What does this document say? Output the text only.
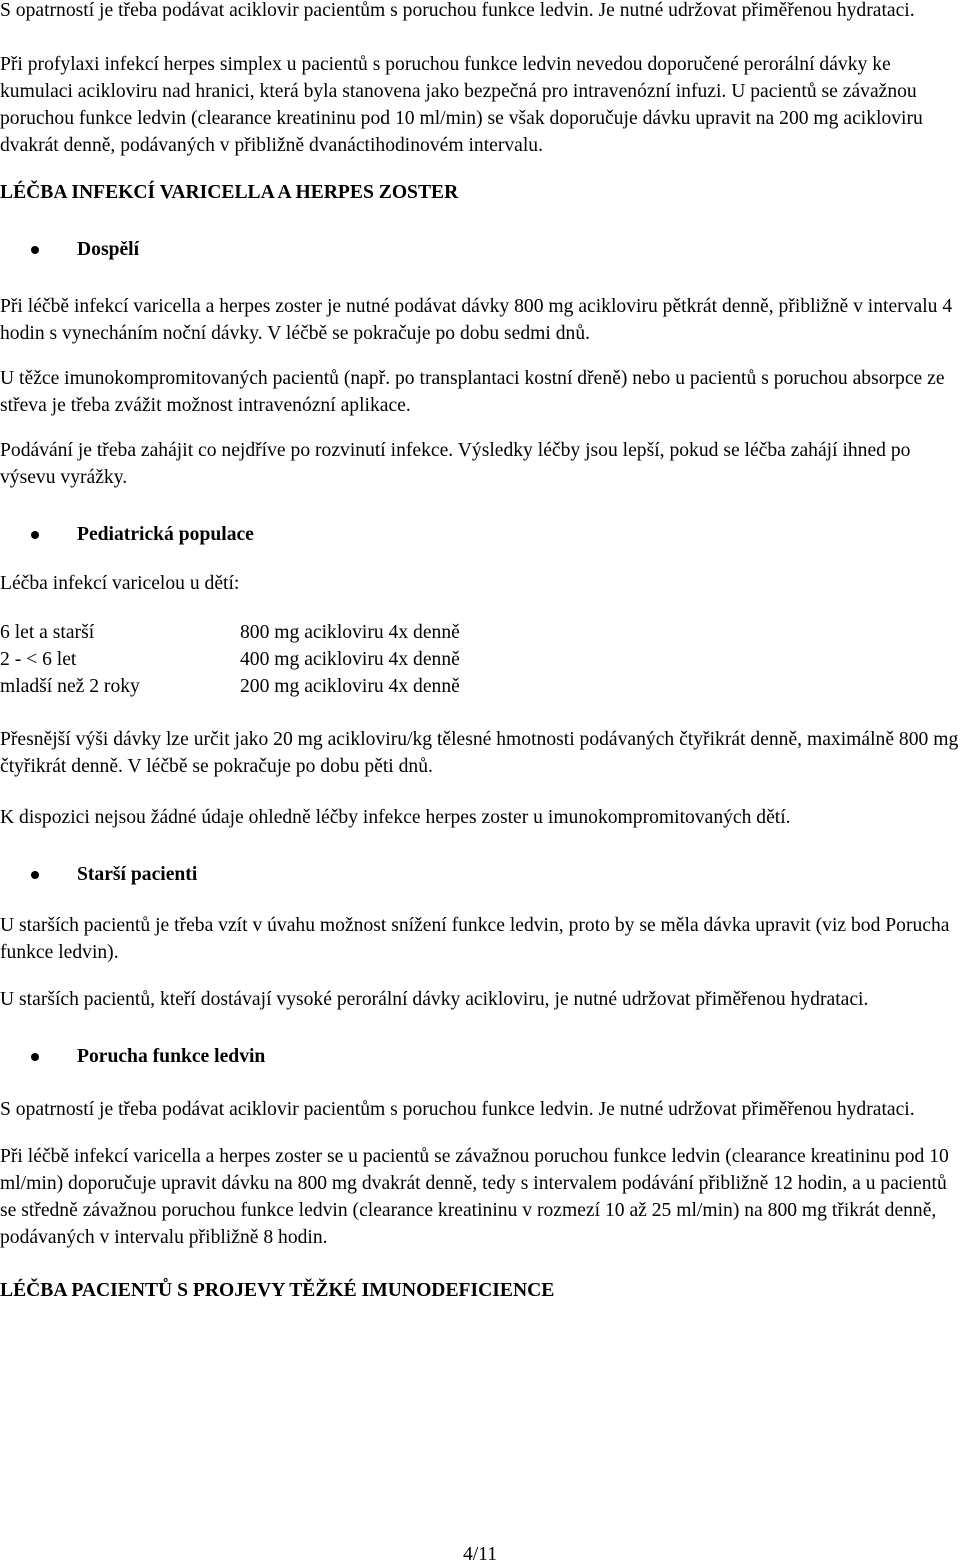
S opatrností je třeba podávat aciklovir pacientům s poruchou funkce ledvin. Je nutné udržovat přiměřenou hydrataci.

Při profylaxi infekcí herpes simplex u pacientů s poruchou funkce ledvin nevedou doporučené perorální dávky ke kumulaci acikloviru nad hranici, která byla stanovena jako bezpečná pro intravenózní infuzi. U pacientů se závažnou poruchou funkce ledvin (clearance kreatininu pod 10 ml/min) se však doporučuje dávku upravit na 200 mg acikloviru dvakrát denně, podávaných v přibližně dvanáctihodinovém intervalu.

LÉČBA INFEKCÍ VARICELLA A HERPES ZOSTER

Dospělí

Při léčbě infekcí varicella a herpes zoster je nutné podávat dávky 800 mg acikloviru pětkrát denně, přibližně v intervalu 4 hodin s vynecháním noční dávky. V léčbě se pokračuje po dobu sedmi dnů.

U těžce imunokompromitovaných pacientů (např. po transplantaci kostní dřeně) nebo u pacientů s poruchou absorpce ze střeva je třeba zvážit možnost intravenózní aplikace.

Podávání je třeba zahájit co nejdříve po rozvinutí infekce. Výsledky léčby jsou lepší, pokud se léčba zahájí ihned po výsevu vyrážky.

Pediatrická populace

Léčba infekcí varicelou u dětí:

6 let a starší	800 mg acikloviru 4x denně
2 - < 6 let	400 mg acikloviru 4x denně
mladší než 2 roky	200 mg acikloviru 4x denně

Přesnější výši dávky lze určit jako 20 mg acikloviru/kg tělesné hmotnosti podávaných čtyřikrát denně, maximálně 800 mg čtyřikrát denně. V léčbě se pokračuje po dobu pěti dnů.

K dispozici nejsou žádné údaje ohledně léčby infekce herpes zoster u imunokompromitovaných dětí.

Starší pacienti

U starších pacientů je třeba vzít v úvahu možnost snížení funkce ledvin, proto by se měla dávka upravit (viz bod Porucha funkce ledvin).

U starších pacientů, kteří dostávají vysoké perorální dávky acikloviru, je nutné udržovat přiměřenou hydrataci.

Porucha funkce ledvin

S opatrností je třeba podávat aciklovir pacientům s poruchou funkce ledvin. Je nutné udržovat přiměřenou hydrataci.

Při léčbě infekcí varicella a herpes zoster se u pacientů se závažnou poruchou funkce ledvin (clearance kreatininu pod 10 ml/min) doporučuje upravit dávku na 800 mg dvakrát denně, tedy s intervalem podávání přibližně 12 hodin, a u pacientů se středně závažnou poruchou funkce ledvin (clearance kreatininu v rozmezí 10 až 25 ml/min) na 800 mg třikrát denně, podávaných v intervalu přibližně 8 hodin.

LÉČBA PACIENTŮ S PROJEVY TĚŽKÉ IMUNODEFICIENCE

4/11
